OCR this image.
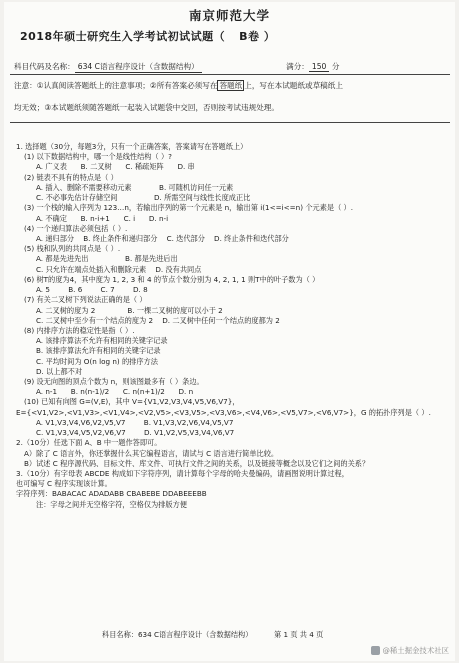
南京师范大学
2018年硕士研究生入学考试初试试题（ B卷 ）
科目代码及名称： 634 C语言程序设计（含数据结构）	满分： 150 分
注意：①认真阅读答题纸上的注意事项；②所有答案必须写在 答题纸 上，写在本试题纸或草稿纸上
均无效；③本试题纸须随答题纸一起装入试题袋中交回，否则按考试违规处理。
1. 选择题（30分，每题3分，只有一个正确答案，答案请写在答题纸上）
(1) 以下数据结构中，哪一个是线性结构（ ）?
A. 广义表      B. 二叉树      C. 稀疏矩阵      D. 串
(2) 链表不具有的特点是（ ）
A. 插入、删除不需要移动元素            B. 可随机访问任一元素
C. 不必事先估计存储空间                D. 所需空间与线性长度成正比
(3) 一个栈的输入序列为 123…n，若输出序列的第一个元素是 n，输出第 i(1<=i<=n) 个元素是（ ）.
A. 不确定      B. n-i+1      C. i      D. n-i
(4) 一个递归算法必须包括（ ）.
A. 递归部分    B. 终止条件和递归部分    C. 迭代部分    D. 终止条件和迭代部分
(5) 栈和队列的共同点是（ ）.
A. 都是先进先出                B. 都是先进后出
C. 只允许在端点处插入和删除元素    D. 没有共同点
(6) 树T的度为4，其中度为 1, 2, 3 和 4 的节点个数分别为 4, 2, 1, 1 则T中的叶子数为（ ）
A. 5        B. 6        C. 7        D. 8
(7) 有关二叉树下列说法正确的是（ ）
A. 二叉树的度为 2              B. 一棵二叉树的度可以小于 2
C. 二叉树中至少有一个结点的度为 2    D. 二叉树中任何一个结点的度都为 2
(8) 内排序方法的稳定性是指（ ）.
A. 该排序算法不允许有相同的关键字记录
B. 该排序算法允许有相同的关键字记录
C. 平均时间为 O(n log n) 的排序方法
D. 以上都不对
(9) 设无向图的顶点个数为 n，则该图最多有（ ）条边。
A. n-1      B. n(n-1)/2      C. n(n+1)/2      D. n
(10) 已知有向图 G=(V,E)，其中 V={V1,V2,V3,V4,V5,V6,V7}，
E={<V1,V2>,<V1,V3>,<V1,V4>,<V2,V5>,<V3,V5>,<V3,V6>,<V4,V6>,<V5,V7>,<V6,V7>}，G 的拓扑序列是（ ）.
A. V1,V3,V4,V6,V2,V5,V7        B. V1,V3,V2,V6,V4,V5,V7
C. V1,V3,V4,V5,V2,V6,V7        D. V1,V2,V5,V3,V4,V6,V7
2.（10分）任选下面 A、B 中一题作答即可。
A）除了 C 语言外，你还掌握什么其它编程语言，请试与 C 语言进行简单比较。
B）试述 C 程序源代码、目标文件、库文件、可执行文件之间的关系，以及链接等概念以及它们之间的关系？
3.（10分）有字母表 ABCDE 构成如下字符序列，请计算每个字母的哈夫曼编码，请画图说明计算过程，
也可编写 C 程序实现该计算。
字符序列：BABACAC ADADABB CBABEBE DDABEEEBB
注：字母之间并无空格字符，空格仅为排版方便
科目名称：634 C语言程序设计（含数据结构）	第 1 页 共 4 页
@稀土掘金技术社区
